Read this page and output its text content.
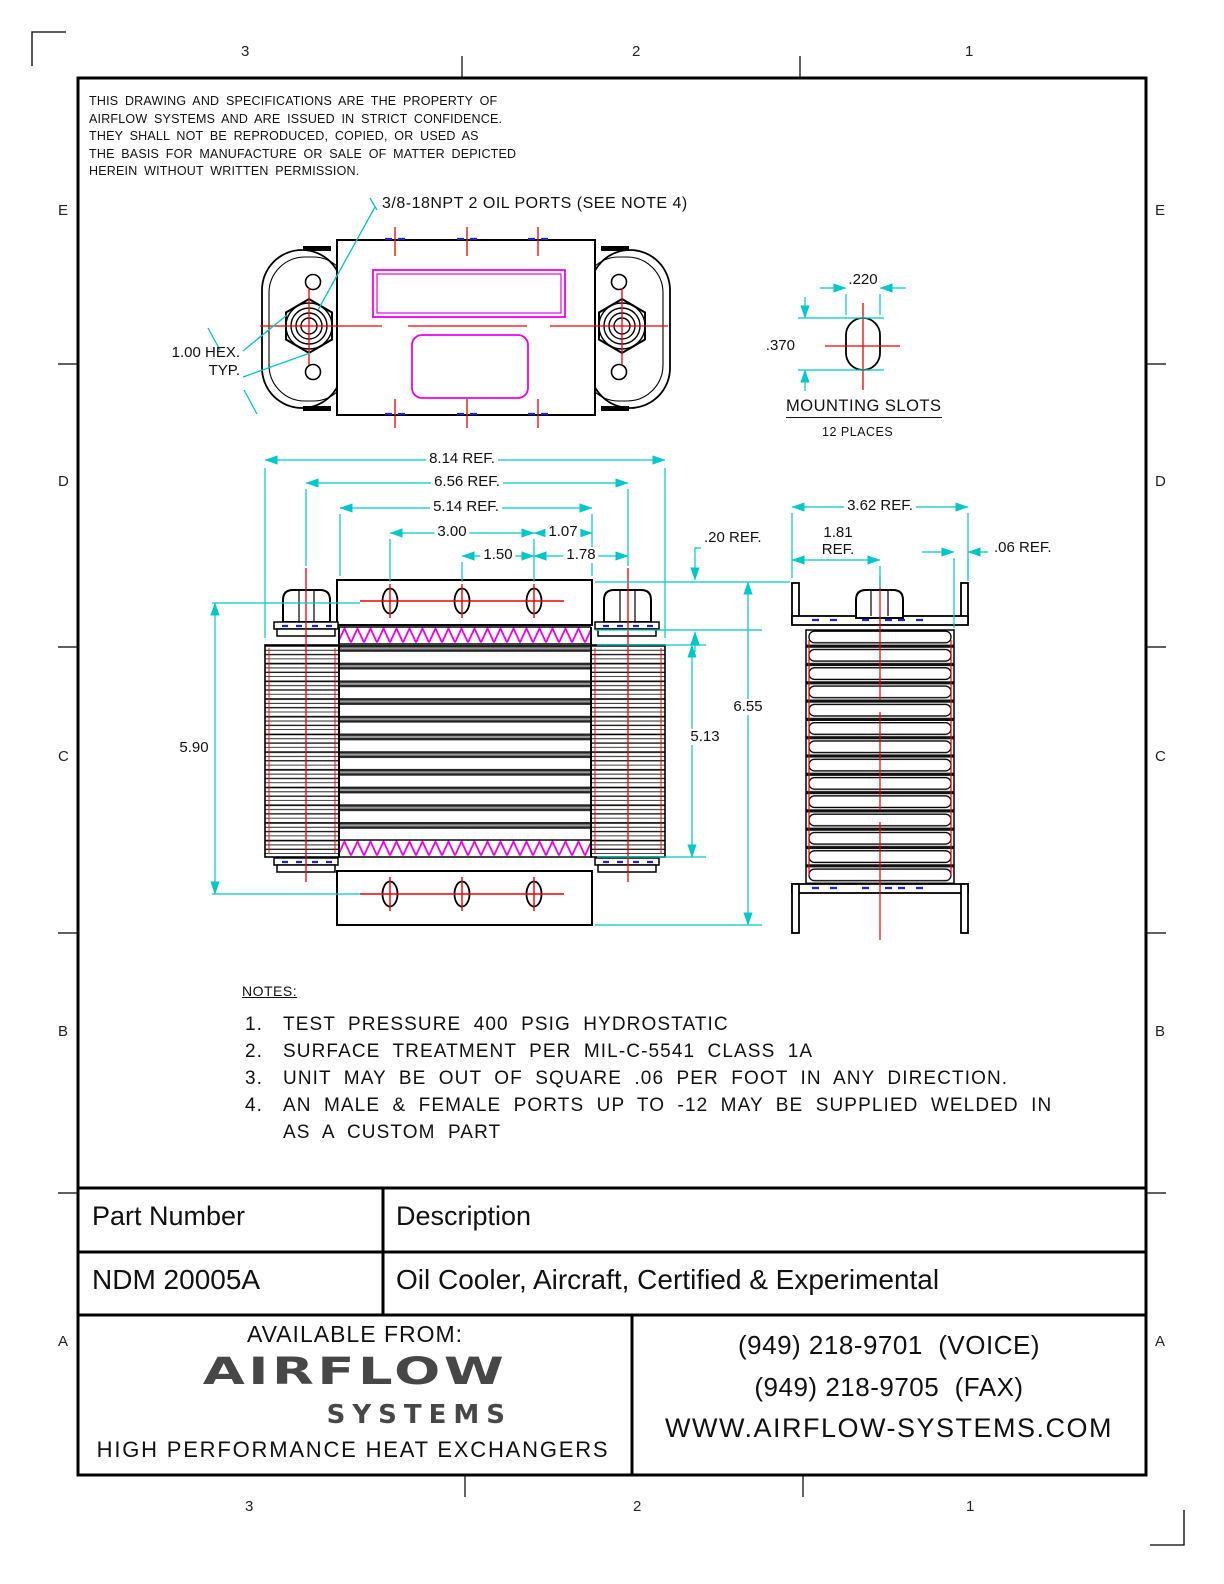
3	2	1
3	2	1
E
D
C
B
A
E
D
C
B
A
THIS DRAWING AND SPECIFICATIONS ARE THE PROPERTY OF
AIRFLOW SYSTEMS AND ARE ISSUED IN STRICT CONFIDENCE.
THEY SHALL NOT BE REPRODUCED, COPIED, OR USED AS
THE BASIS FOR MANUFACTURE OR SALE OF MATTER DEPICTED
HEREIN WITHOUT WRITTEN PERMISSION.
3/8-18NPT 2 OIL PORTS (SEE NOTE 4)
1.00 HEX.
TYP.
.220
.370
MOUNTING SLOTS
12 PLACES
8.14 REF.
6.56 REF.
5.14 REF.
3.00	1.07
1.50	1.78
.20 REF.
5.90
5.13
6.55
3.62 REF.
1.81
REF.	.06 REF.
NOTES:
1. TEST PRESSURE 400 PSIG HYDROSTATIC
2. SURFACE TREATMENT PER MIL-C-5541 CLASS 1A
3. UNIT MAY BE OUT OF SQUARE .06 PER FOOT IN ANY DIRECTION.
4. AN MALE & FEMALE PORTS UP TO -12 MAY BE SUPPLIED WELDED IN
AS A CUSTOM PART
Part Number	Description
NDM 20005A	Oil Cooler, Aircraft, Certified & Experimental
AVAILABLE FROM:
AIRFLOW
SYSTEMS
HIGH PERFORMANCE HEAT EXCHANGERS
(949) 218-9701  (VOICE)
(949) 218-9705  (FAX)
WWW.AIRFLOW-SYSTEMS.COM
